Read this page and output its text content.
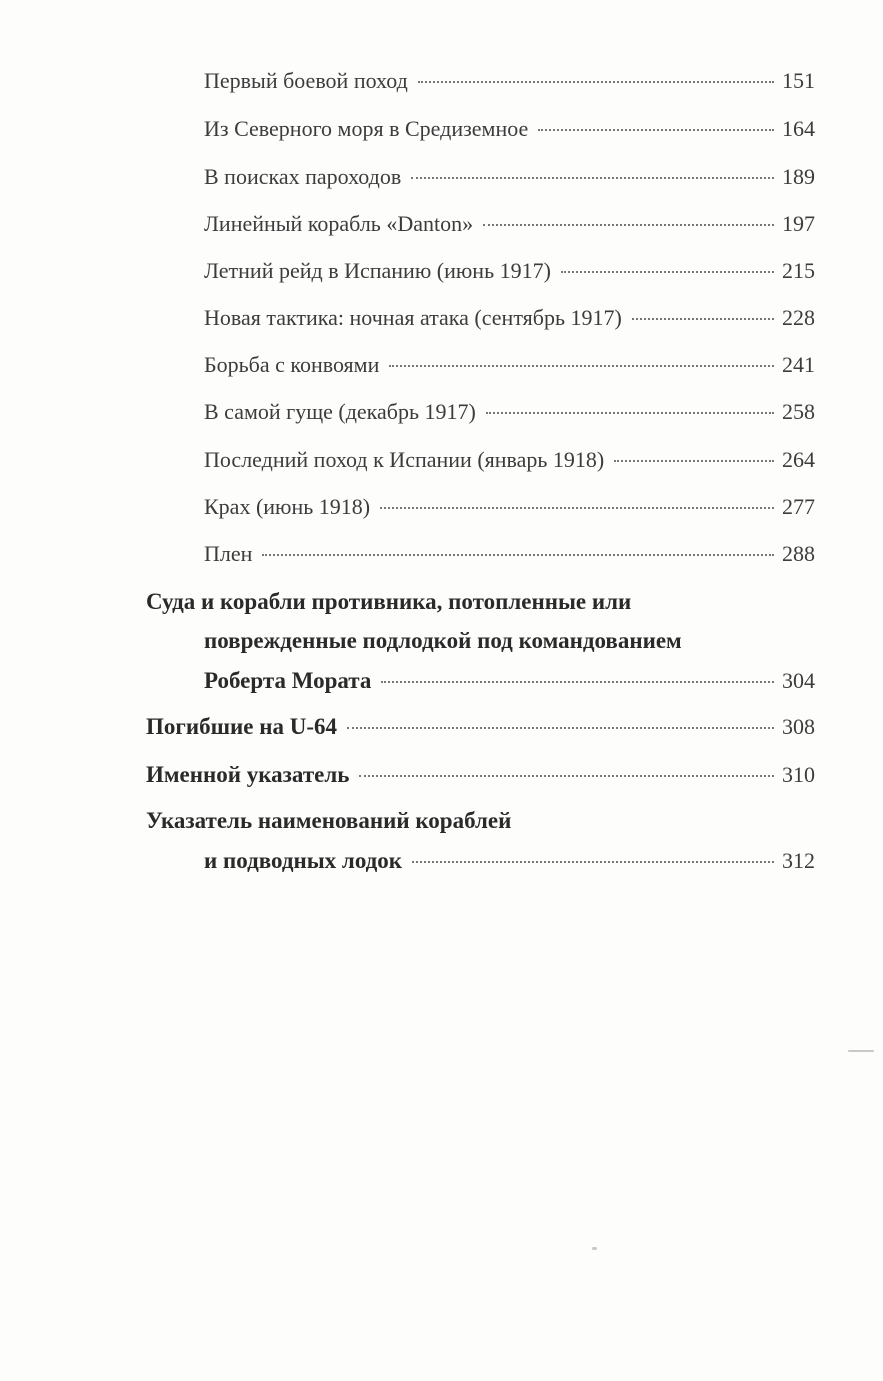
Первый боевой поход	151
Из Северного моря в Средиземное	164
В поисках пароходов	189
Линейный корабль «Danton»	197
Летний рейд в Испанию (июнь 1917)	215
Новая тактика: ночная атака (сентябрь 1917)	228
Борьба с конвоями	241
В самой гуще (декабрь 1917)	258
Последний поход к Испании (январь 1918)	264
Крах (июнь 1918)	277
Плен	288
Суда и корабли противника, потопленные или
поврежденные подлодкой под командованием
Роберта Мората	304
Погибшие на U-64	308
Именной указатель	310
Указатель наименований кораблей
и подводных лодок	312
